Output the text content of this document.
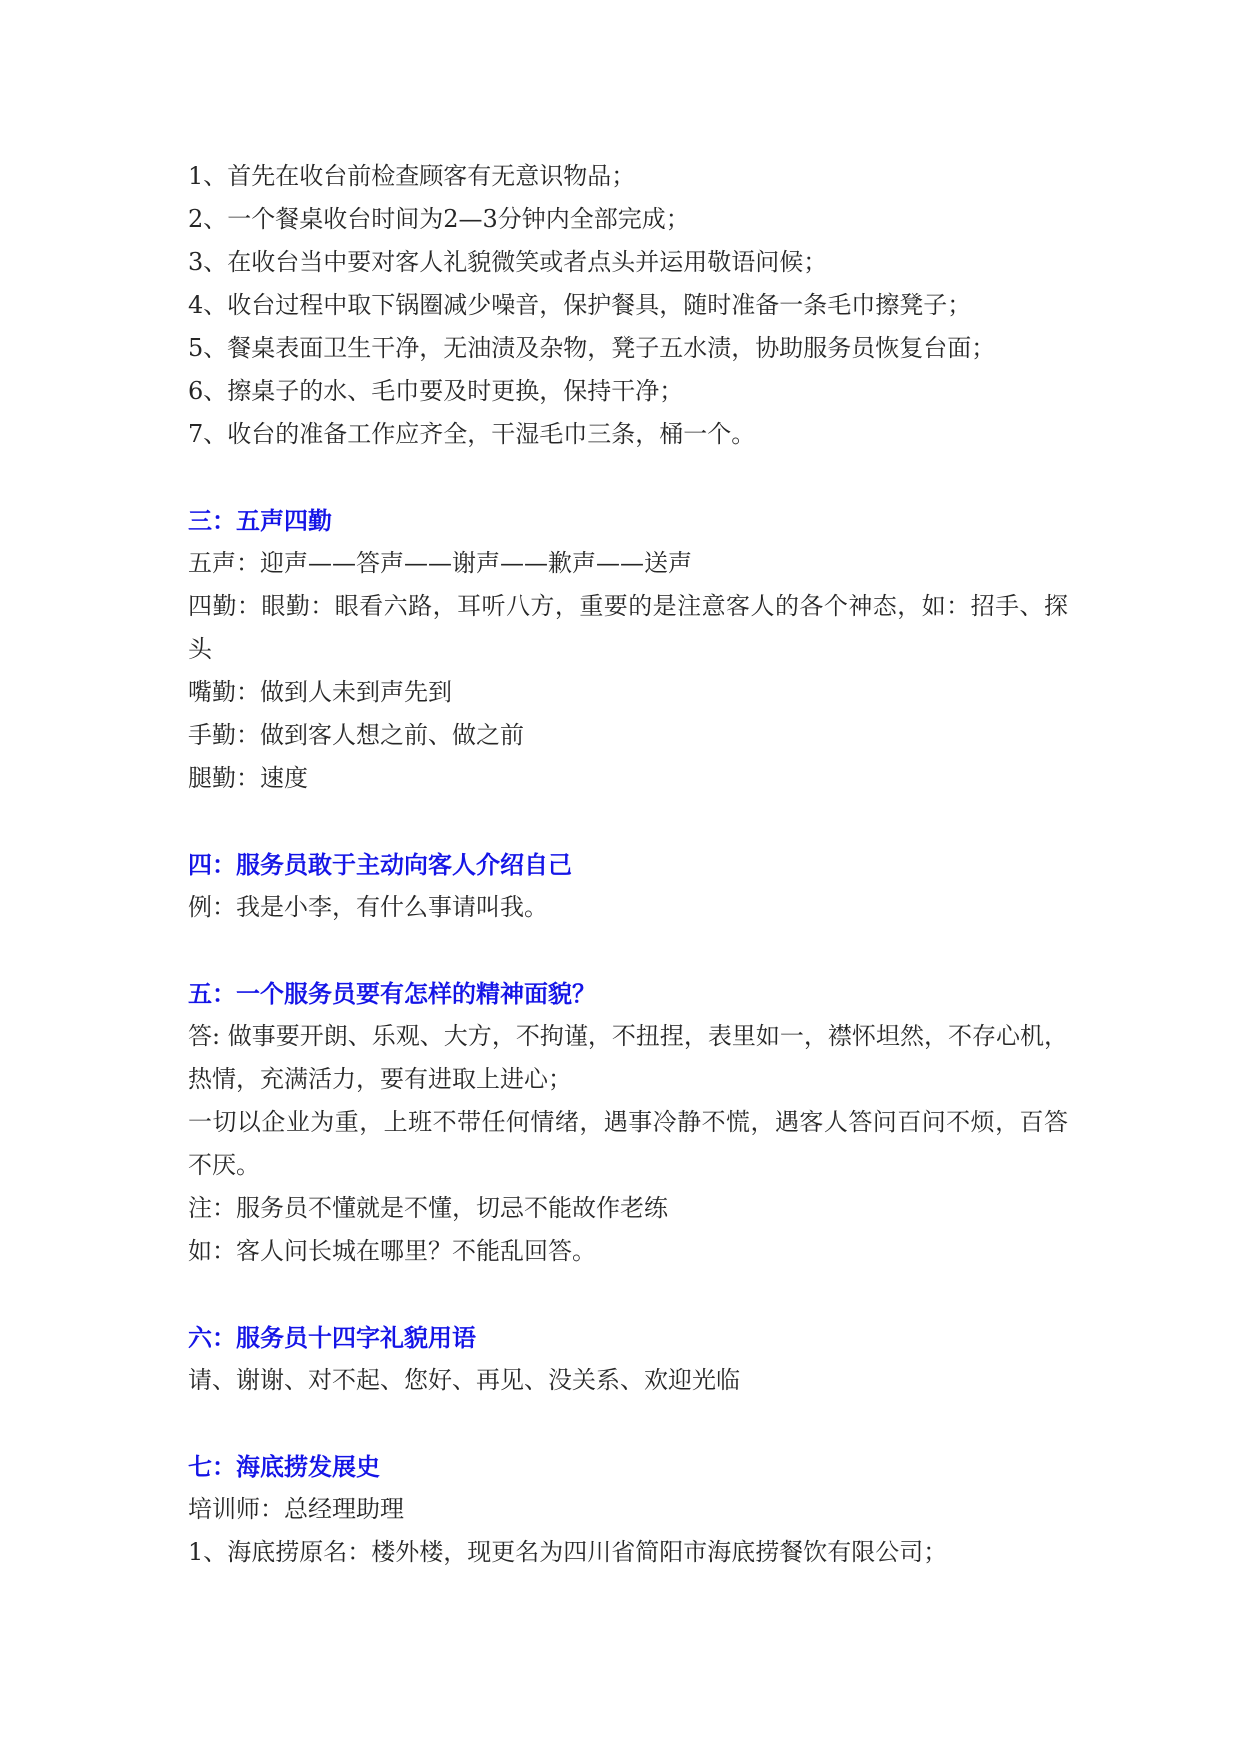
1、首先在收台前检查顾客有无意识物品；
2、一个餐桌收台时间为2—3分钟内全部完成；
3、在收台当中要对客人礼貌微笑或者点头并运用敬语问候；
4、收台过程中取下锅圈减少噪音，保护餐具，随时准备一条毛巾擦凳子；
5、餐桌表面卫生干净，无油渍及杂物，凳子五水渍，协助服务员恢复台面；
6、擦桌子的水、毛巾要及时更换，保持干净；
7、收台的准备工作应齐全，干湿毛巾三条，桶一个。
三：五声四勤
五声：迎声——答声——谢声——歉声——送声
四勤：眼勤：眼看六路，耳听八方，重要的是注意客人的各个神态，如：招手、探头
嘴勤：做到人未到声先到
手勤：做到客人想之前、做之前
腿勤：速度
四：服务员敢于主动向客人介绍自己
例：我是小李，有什么事请叫我。
五：一个服务员要有怎样的精神面貌？
答: 做事要开朗、乐观、大方，不拘谨，不扭捏，表里如一，襟怀坦然，不存心机，热情，充满活力，要有进取上进心；
一切以企业为重，上班不带任何情绪，遇事冷静不慌，遇客人答问百问不烦，百答不厌。
注：服务员不懂就是不懂，切忌不能故作老练
如：客人问长城在哪里？不能乱回答。
六：服务员十四字礼貌用语
请、谢谢、对不起、您好、再见、没关系、欢迎光临
七：海底捞发展史
培训师：总经理助理
1、海底捞原名：楼外楼，现更名为四川省简阳市海底捞餐饮有限公司；
